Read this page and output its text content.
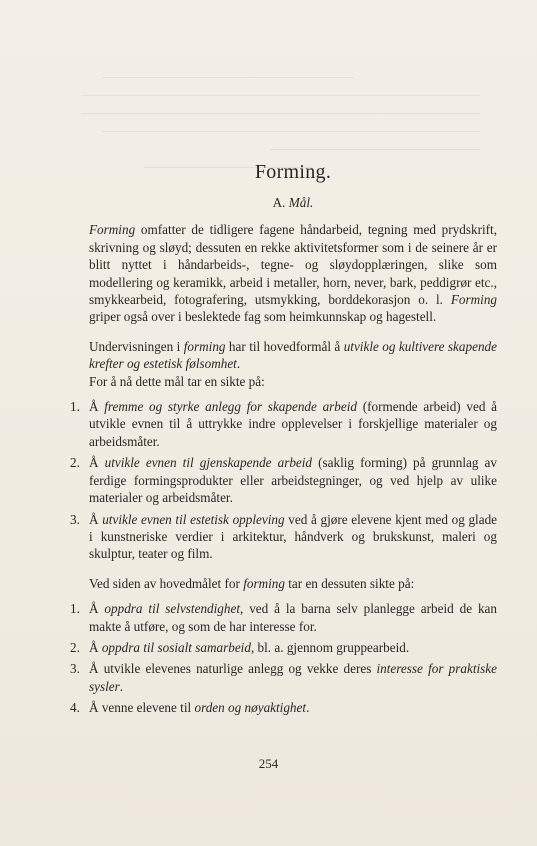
Forming.
A. Mål.

Forming omfatter de tidligere fagene håndarbeid, tegning med prydskrift, skrivning og sløyd; dessuten en rekke aktivitetsformer som i de seinere år er blitt nyttet i håndarbeids-, tegne- og sløydopplæringen, slike som modellering og keramikk, arbeid i metaller, horn, never, bark, peddigrør etc., smykkearbeid, fotografering, utsmykking, borddekorasjon o. l. Forming griper også over i beslektede fag som heimkunnskap og hagestell.

Undervisningen i forming har til hovedformål å utvikle og kultivere skapende krefter og estetisk følsomhet.

For å nå dette mål tar en sikte på:

1. Å fremme og styrke anlegg for skapende arbeid (formende arbeid) ved å utvikle evnen til å uttrykke indre opplevelser i forskjellige materialer og arbeidsmåter.
2. Å utvikle evnen til gjenskapende arbeid (saklig forming) på grunnlag av ferdige formingsprodukter eller arbeidstegninger, og ved hjelp av ulike materialer og arbeidsmåter.
3. Å utvikle evnen til estetisk oppleving ved å gjøre elevene kjent med og glade i kunstneriske verdier i arkitektur, håndverk og brukskunst, maleri og skulptur, teater og film.

Ved siden av hovedmålet for forming tar en dessuten sikte på:

1. Å oppdra til selvstendighet, ved å la barna selv planlegge arbeid de kan makte å utføre, og som de har interesse for.
2. Å oppdra til sosialt samarbeid, bl. a. gjennom gruppearbeid.
3. Å utvikle elevenes naturlige anlegg og vekke deres interesse for praktiske sysler.
4. Å venne elevene til orden og nøyaktighet.
254
